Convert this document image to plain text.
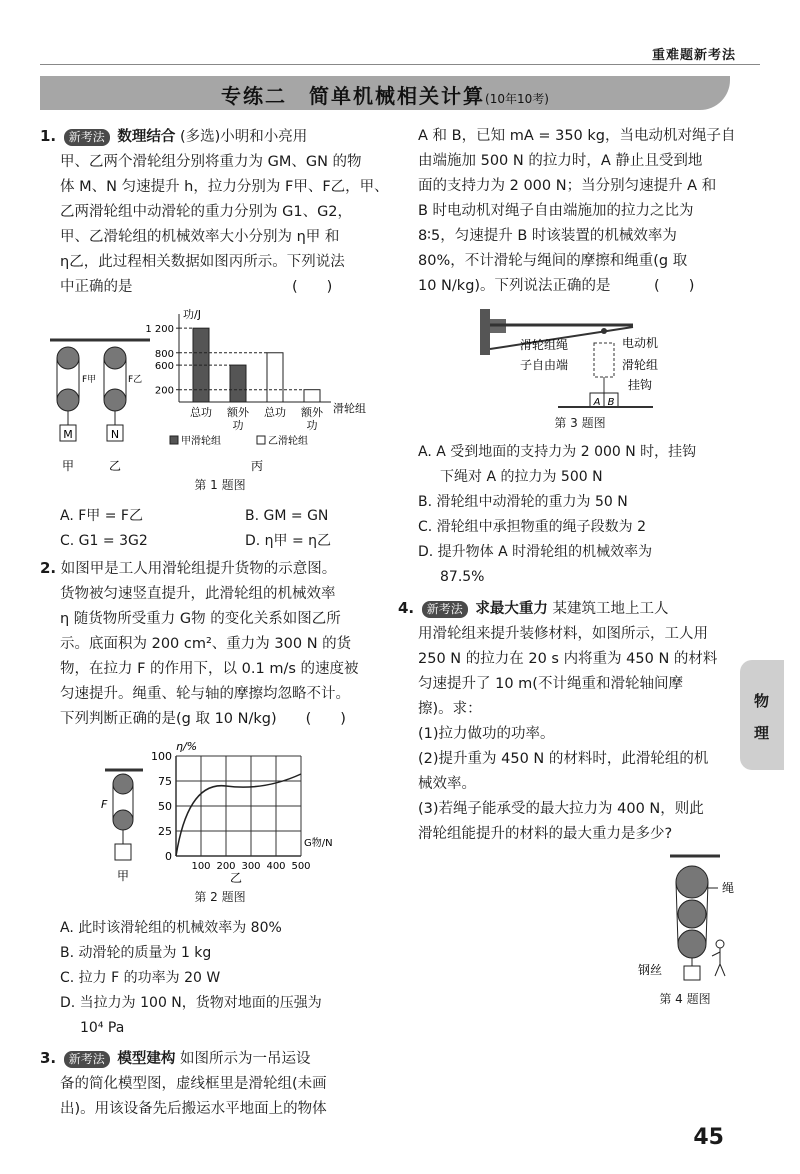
重难题新考法
专练二　简单机械相关计算(10年10考)
1. 新考法 数理结合 (多选)小明和小亮用
甲、乙两个滑轮组分别将重力为 GM、GN 的物
体 M、N 匀速提升 h，拉力分别为 F甲、F乙，甲、
乙两滑轮组中动滑轮的重力分别为 G1、G2，
甲、乙滑轮组的机械效率大小分别为 η甲 和
η乙，此过程相关数据如图丙所示。下列说法
中正确的是　　　　　　　　　　　(　　)
M
F甲
甲
N
F乙
乙
功/J
滑轮组
丙
甲滑轮组	乙滑轮组
总功
功
额外 总功
功
额外
1 200
800
600
200
第 1 题图
A. F甲 = F乙	B. GM = GN
C. G1 = 3G2	D. η甲 = η乙
2. 如图甲是工人用滑轮组提升货物的示意图。
货物被匀速竖直提升，此滑轮组的机械效率
η 随货物所受重力 G物 的变化关系如图乙所
示。底面积为 200 cm²、重力为 300 N 的货
物，在拉力 F 的作用下，以 0.1 m/s 的速度被
匀速提升。绳重、轮与轴的摩擦均忽略不计。
下列判断正确的是(g 取 10 N/kg)　　(　　)
F
甲
η/%
G物/N
乙
0
25
50
75
100
100 200 300 400 500
第 2 题图
A. 此时该滑轮组的机械效率为 80%
B. 动滑轮的质量为 1 kg
C. 拉力 F 的功率为 20 W
D. 当拉力为 100 N，货物对地面的压强为
10⁴ Pa
3. 新考法 模型建构 如图所示为一吊运设
备的简化模型图，虚线框里是滑轮组(未画
出)。用该设备先后搬运水平地面上的物体
A 和 B，已知 mA = 350 kg，当电动机对绳子自
由端施加 500 N 的拉力时，A 静止且受到地
面的支持力为 2 000 N；当分别匀速提升 A 和
B 时电动机对绳子自由端施加的拉力之比为
8∶5，匀速提升 B 时该装置的机械效率为
80%，不计滑轮与绳间的摩擦和绳重(g 取
10 N/kg)。下列说法正确的是　　　(　　)
A B
滑轮组绳
子自由端
电动机
滑轮组
挂钩
第 3 题图
A. A 受到地面的支持力为 2 000 N 时，挂钩
下绳对 A 的拉力为 500 N
B. 滑轮组中动滑轮的重力为 50 N
C. 滑轮组中承担物重的绳子段数为 2
D. 提升物体 A 时滑轮组的机械效率为
87.5%
4. 新考法 求最大重力 某建筑工地上工人
用滑轮组来提升装修材料，如图所示，工人用
250 N 的拉力在 20 s 内将重为 450 N 的材料
匀速提升了 10 m(不计绳重和滑轮轴间摩
擦)。求：
(1)拉力做功的功率。
(2)提升重为 450 N 的材料时，此滑轮组的机
械效率。
(3)若绳子能承受的最大拉力为 400 N，则此
滑轮组能提升的材料的最大重力是多少?
绳
钢丝
第 4 题图
物
理
45
